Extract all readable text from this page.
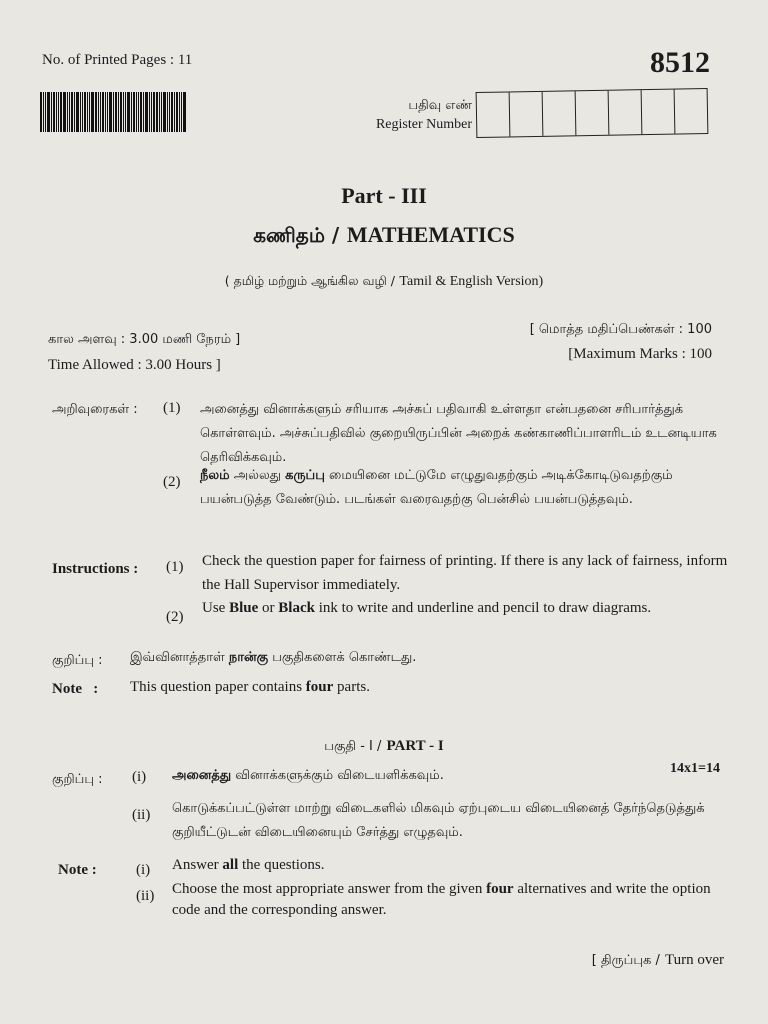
No. of Printed Pages : 11	8512
பதிவு எண்
Register Number
Part - III
கணிதம் / MATHEMATICS
( தமிழ் மற்றும் ஆங்கில வழி / Tamil & English Version)
கால அளவு : 3.00 மணி நேரம் ]
Time Allowed : 3.00 Hours ]
[ மொத்த மதிப்பெண்கள் : 100
[Maximum Marks : 100
அறிவுரைகள் : (1) அனைத்து வினாக்களும் சரியாக அச்சுப் பதிவாகி உள்ளதா என்பதனை சரிபார்த்துக் கொள்ளவும். அச்சுப்பதிவில் குறையிருப்பின் அறைக் கண்காணிப்பாளரிடம் உடனடியாக தெரிவிக்கவும்.
(2) நீலம் அல்லது கருப்பு மையினை மட்டுமே எழுதுவதற்கும் அடிக்கோடிடுவதற்கும் பயன்படுத்த வேண்டும். படங்கள் வரைவதற்கு பென்சில் பயன்படுத்தவும்.
Instructions : (1) Check the question paper for fairness of printing. If there is any lack of fairness, inform the Hall Supervisor immediately.
(2)
Use Blue or Black ink to write and underline and pencil to draw diagrams.
குறிப்பு : இவ்வினாத்தாள் நான்கு பகுதிகளைக் கொண்டது.
Note : This question paper contains four parts.
பகுதி - I / PART - I
14x1=14
குறிப்பு : (i) அனைத்து வினாக்களுக்கும் விடையளிக்கவும்.
(ii) கொடுக்கப்பட்டுள்ள மாற்று விடைகளில் மிகவும் ஏற்புடைய விடையினைத் தேர்ந்தெடுத்துக் குறியீட்டுடன் விடையினையும் சேர்த்து எழுதவும்.
Note :	(i) Answer all the questions.
(ii) Choose the most appropriate answer from the given four alternatives and write the option code and the corresponding answer.
[ திருப்புக / Turn over
